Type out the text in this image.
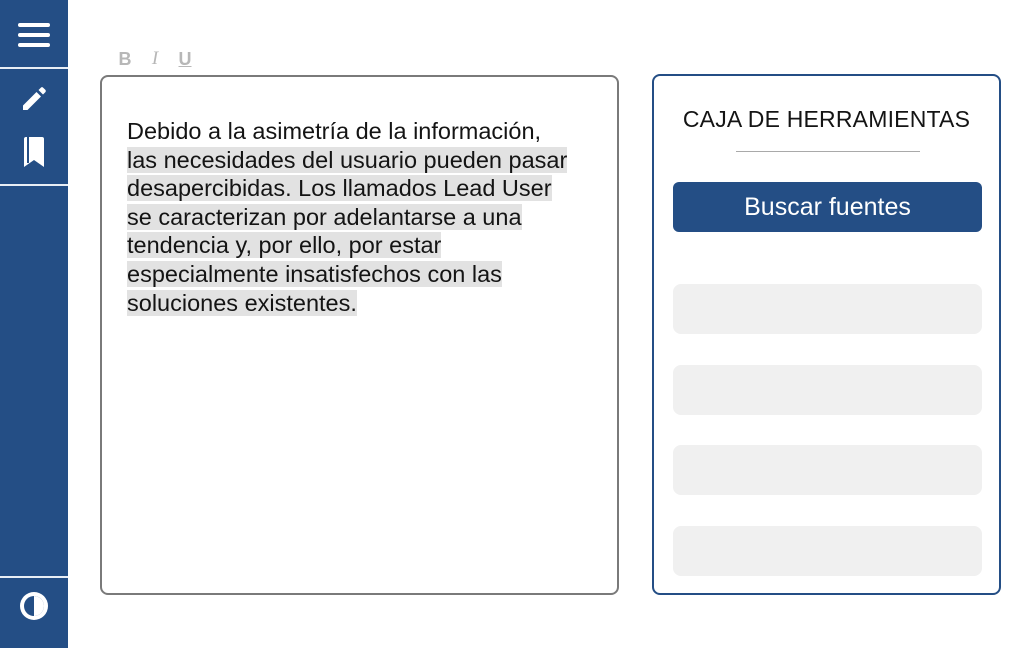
B	I	U
Debido a la asimetría de la información,
las necesidades del usuario pueden pasar
desapercibidas. Los llamados Lead User
se caracterizan por adelantarse a una
tendencia y, por ello, por estar
especialmente insatisfechos con las
soluciones existentes.
CAJA DE HERRAMIENTAS
Buscar fuentes
